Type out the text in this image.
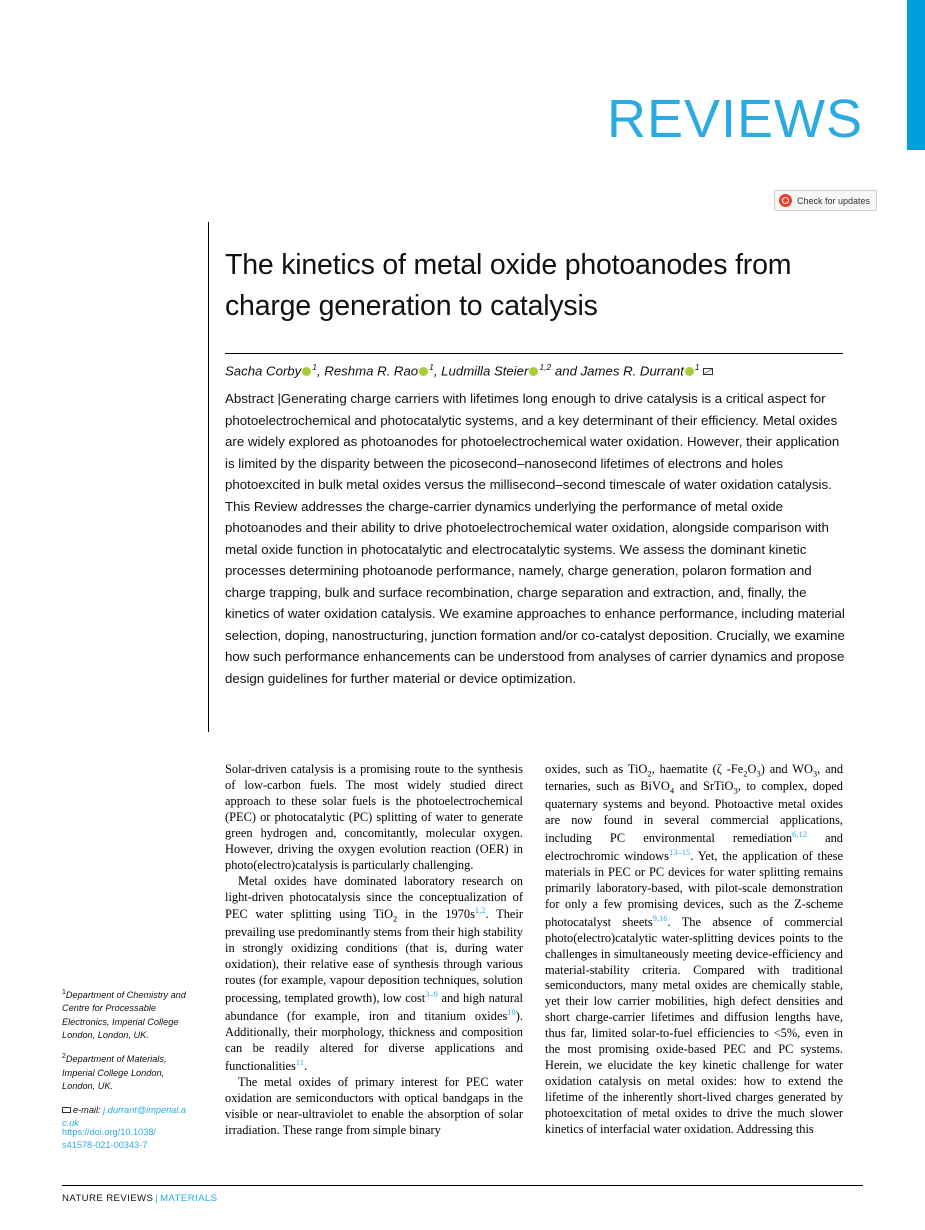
REVIEWS
Check for updates
The kinetics of metal oxide photoanodes from charge generation to catalysis
Sacha Corby $^1$, Reshma R. Rao $^1$, Ludmilla Steier $^{1,2}$ and James R. Durrant $^1$
Abstract |Generating charge carriers with lifetimes long enough to drive catalysis is a critical aspect for photoelectrochemical and photocatalytic systems, and a key determinant of their efficiency. Metal oxides are widely explored as photoanodes for photoelectrochemical water oxidation. However, their application is limited by the disparity between the picosecond–nanosecond lifetimes of electrons and holes photoexcited in bulk metal oxides versus the millisecond–second timescale of water oxidation catalysis. This Review addresses the charge-carrier dynamics underlying the performance of metal oxide photoanodes and their ability to drive photoelectrochemical water oxidation, alongside comparison with metal oxide function in photocatalytic and electrocatalytic systems. We assess the dominant kinetic processes determining photoanode performance, namely, charge generation, polaron formation and charge trapping, bulk and surface recombination, charge separation and extraction, and, finally, the kinetics of water oxidation catalysis. We examine approaches to enhance performance, including material selection, doping, nanostructuring, junction formation and/or co-catalyst deposition. Crucially, we examine how such performance enhancements can be understood from analyses of carrier dynamics and propose design guidelines for further material or device optimization.

$^1$Department of Chemistry and Centre for Processable Electronics, Imperial College London, London, UK.

$^2$Department of Materials, Imperial College London, London, UK.

e-mail: j.durrant@imperial.ac.uk

https://doi.org/10.1038/
s41578-021-00343-7

Solar-driven catalysis is a promising route to the synthesis of low-carbon fuels. The most widely studied direct approach to these solar fuels is the photoelectrochemical (PEC) or photocatalytic (PC) splitting of water to generate green hydrogen and, concomitantly, molecular oxygen. However, driving the oxygen evolution reaction (OER) in photo(electro)catalysis is particularly challenging.

Metal oxides have dominated laboratory research on light-driven photocatalysis since the conceptualization of PEC water splitting using TiO$_2$ in the 1970s$^{1,2}$. Their prevailing use predominantly stems from their high stability in strongly oxidizing conditions (that is, during water oxidation), their relative ease of synthesis through various routes (for example, vapour deposition techniques, solution processing, templated growth), low cost$^{3-9}$ and high natural abundance (for example, iron and titanium oxides$^{10}$). Additionally, their morphology, thickness and composition can be readily altered for diverse applications and functionalities$^{11}$.

The metal oxides of primary interest for PEC water oxidation are semiconductors with optical bandgaps in the visible or near-ultraviolet to enable the absorption of solar irradiation. These range from simple binary

oxides, such as TiO$_2$, haematite (ζ $-Fe_2O_3$) and $WO_3$, and ternaries, such as BiVO$_4$ and SrTiO$_3$, to complex, doped quaternary systems and beyond. Photoactive metal oxides are now found in several commercial applications, including PC environmental remediation$^{6,12}$ and electrochromic windows$^{13-15}$. Yet, the application of these materials in PEC or PC devices for water splitting remains primarily laboratory-based, with pilot-scale demonstration for only a few promising devices, such as the Z-scheme photocatalyst sheets$^{9,16}$. The absence of commercial photo(electro)catalytic water-splitting devices points to the challenges in simultaneously meeting device-efficiency and material-stability criteria. Compared with traditional semiconductors, many metal oxides are chemically stable, yet their low carrier mobilities, high defect densities and short charge-carrier lifetimes and diffusion lengths have, thus far, limited solar-to-fuel efficiencies to <5%, even in the most promising oxide-based PEC and PC systems. Herein, we elucidate the key kinetic challenge for water oxidation catalysis on metal oxides: how to extend the lifetime of the inherently short-lived charges generated by photoexcitation of metal oxides to drive the much slower kinetics of interfacial water oxidation. Addressing this

NATURE REVIEWS | MATERIALS
